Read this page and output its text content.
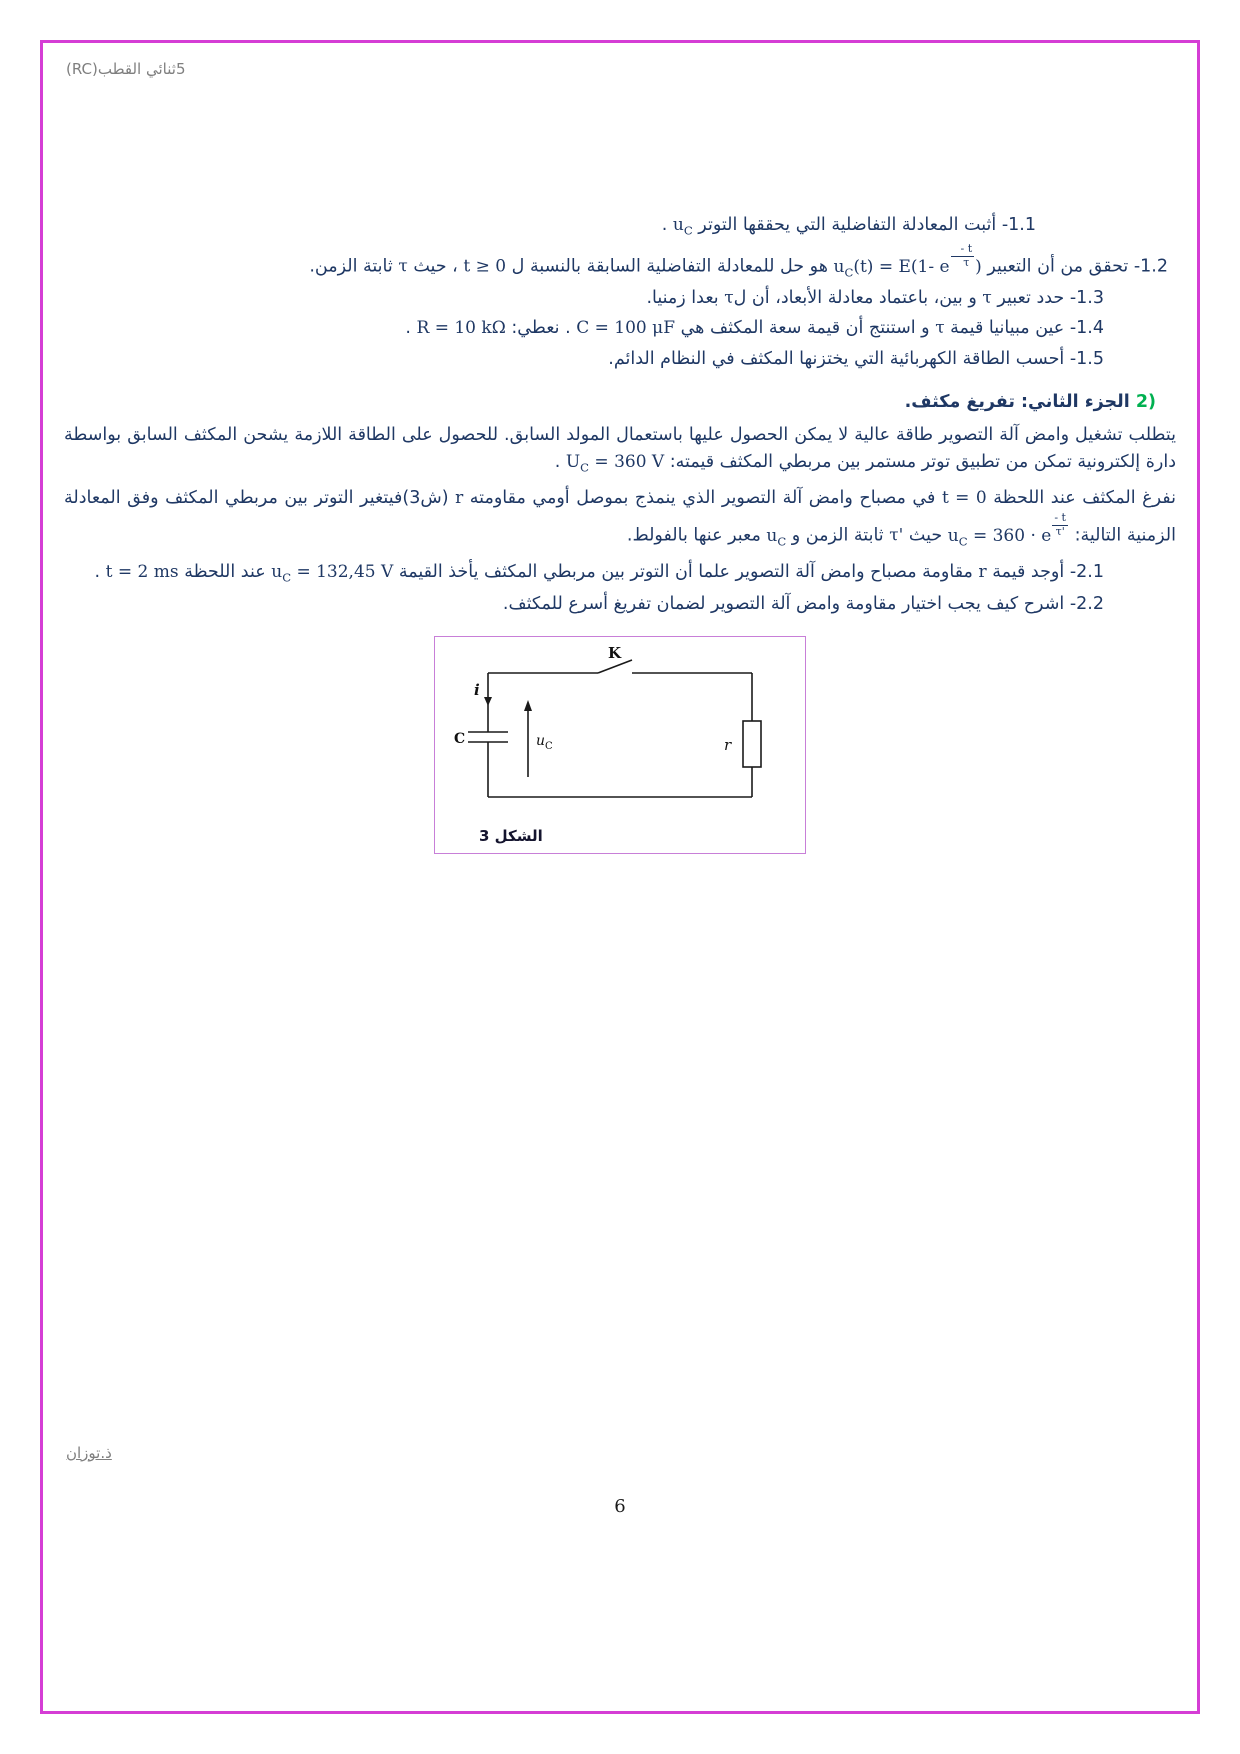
5ثنائي القطب(RC)
1.1- أثبت المعادلة التفاضلية التي يحققها التوتر $u_C$ .
1.2- تحقق من أن التعبير $u_C(t) = E(1-$ e $\frac{- t}{\tau}$ ) هو حل للمعادلة التفاضلية السابقة بالنسبة ل t ≥ 0 ، حيث τ ثابتة الزمن.
1.3- حدد تعبير τ و بين، باعتماد معادلة الأبعاد، أن لτ بعدا زمنيا.
1.4- عين مبيانيا قيمة τ و استنتج أن قيمة سعة المكثف هي C = 100 μF . نعطي: R = 10 kΩ .
1.5- أحسب الطاقة الكهربائية التي يختزنها المكثف في النظام الدائم.
2) الجزء الثاني: تفريغ مكثف.
يتطلب تشغيل وامض آلة التصوير طاقة عالية لا يمكن الحصول عليها باستعمال المولد السابق. للحصول على الطاقة اللازمة يشحن المكثف السابق بواسطة دارة إلكترونية تمكن من تطبيق توتر مستمر بين مربطي المكثف قيمته: $U_C = 360$ V .
نفرغ المكثف عند اللحظة t = 0 في مصباح وامض آلة التصوير الذي ينمذج بموصل أومي مقاومته r (ش3)فيتغير التوتر بين مربطي المكثف وفق المعادلة الزمنية التالية: $u_C = 360 \cdot e \frac{- t}{\tau'}$
حيث τ' ثابتة الزمن و $u_C$ معبر عنها بالفولط.
2.1- أوجد قيمة r مقاومة مصباح وامض آلة التصوير علما أن التوتر بين مربطي المكثف يأخذ القيمة $u_C = 132,45$ V عند اللحظة t = 2 ms .
2.2- اشرح كيف يجب اختيار مقاومة وامض آلة التصوير لضمان تفريغ أسرع للمكثف.
i
K
C	u C	r
الشكل 3
ذ.توزان
6
